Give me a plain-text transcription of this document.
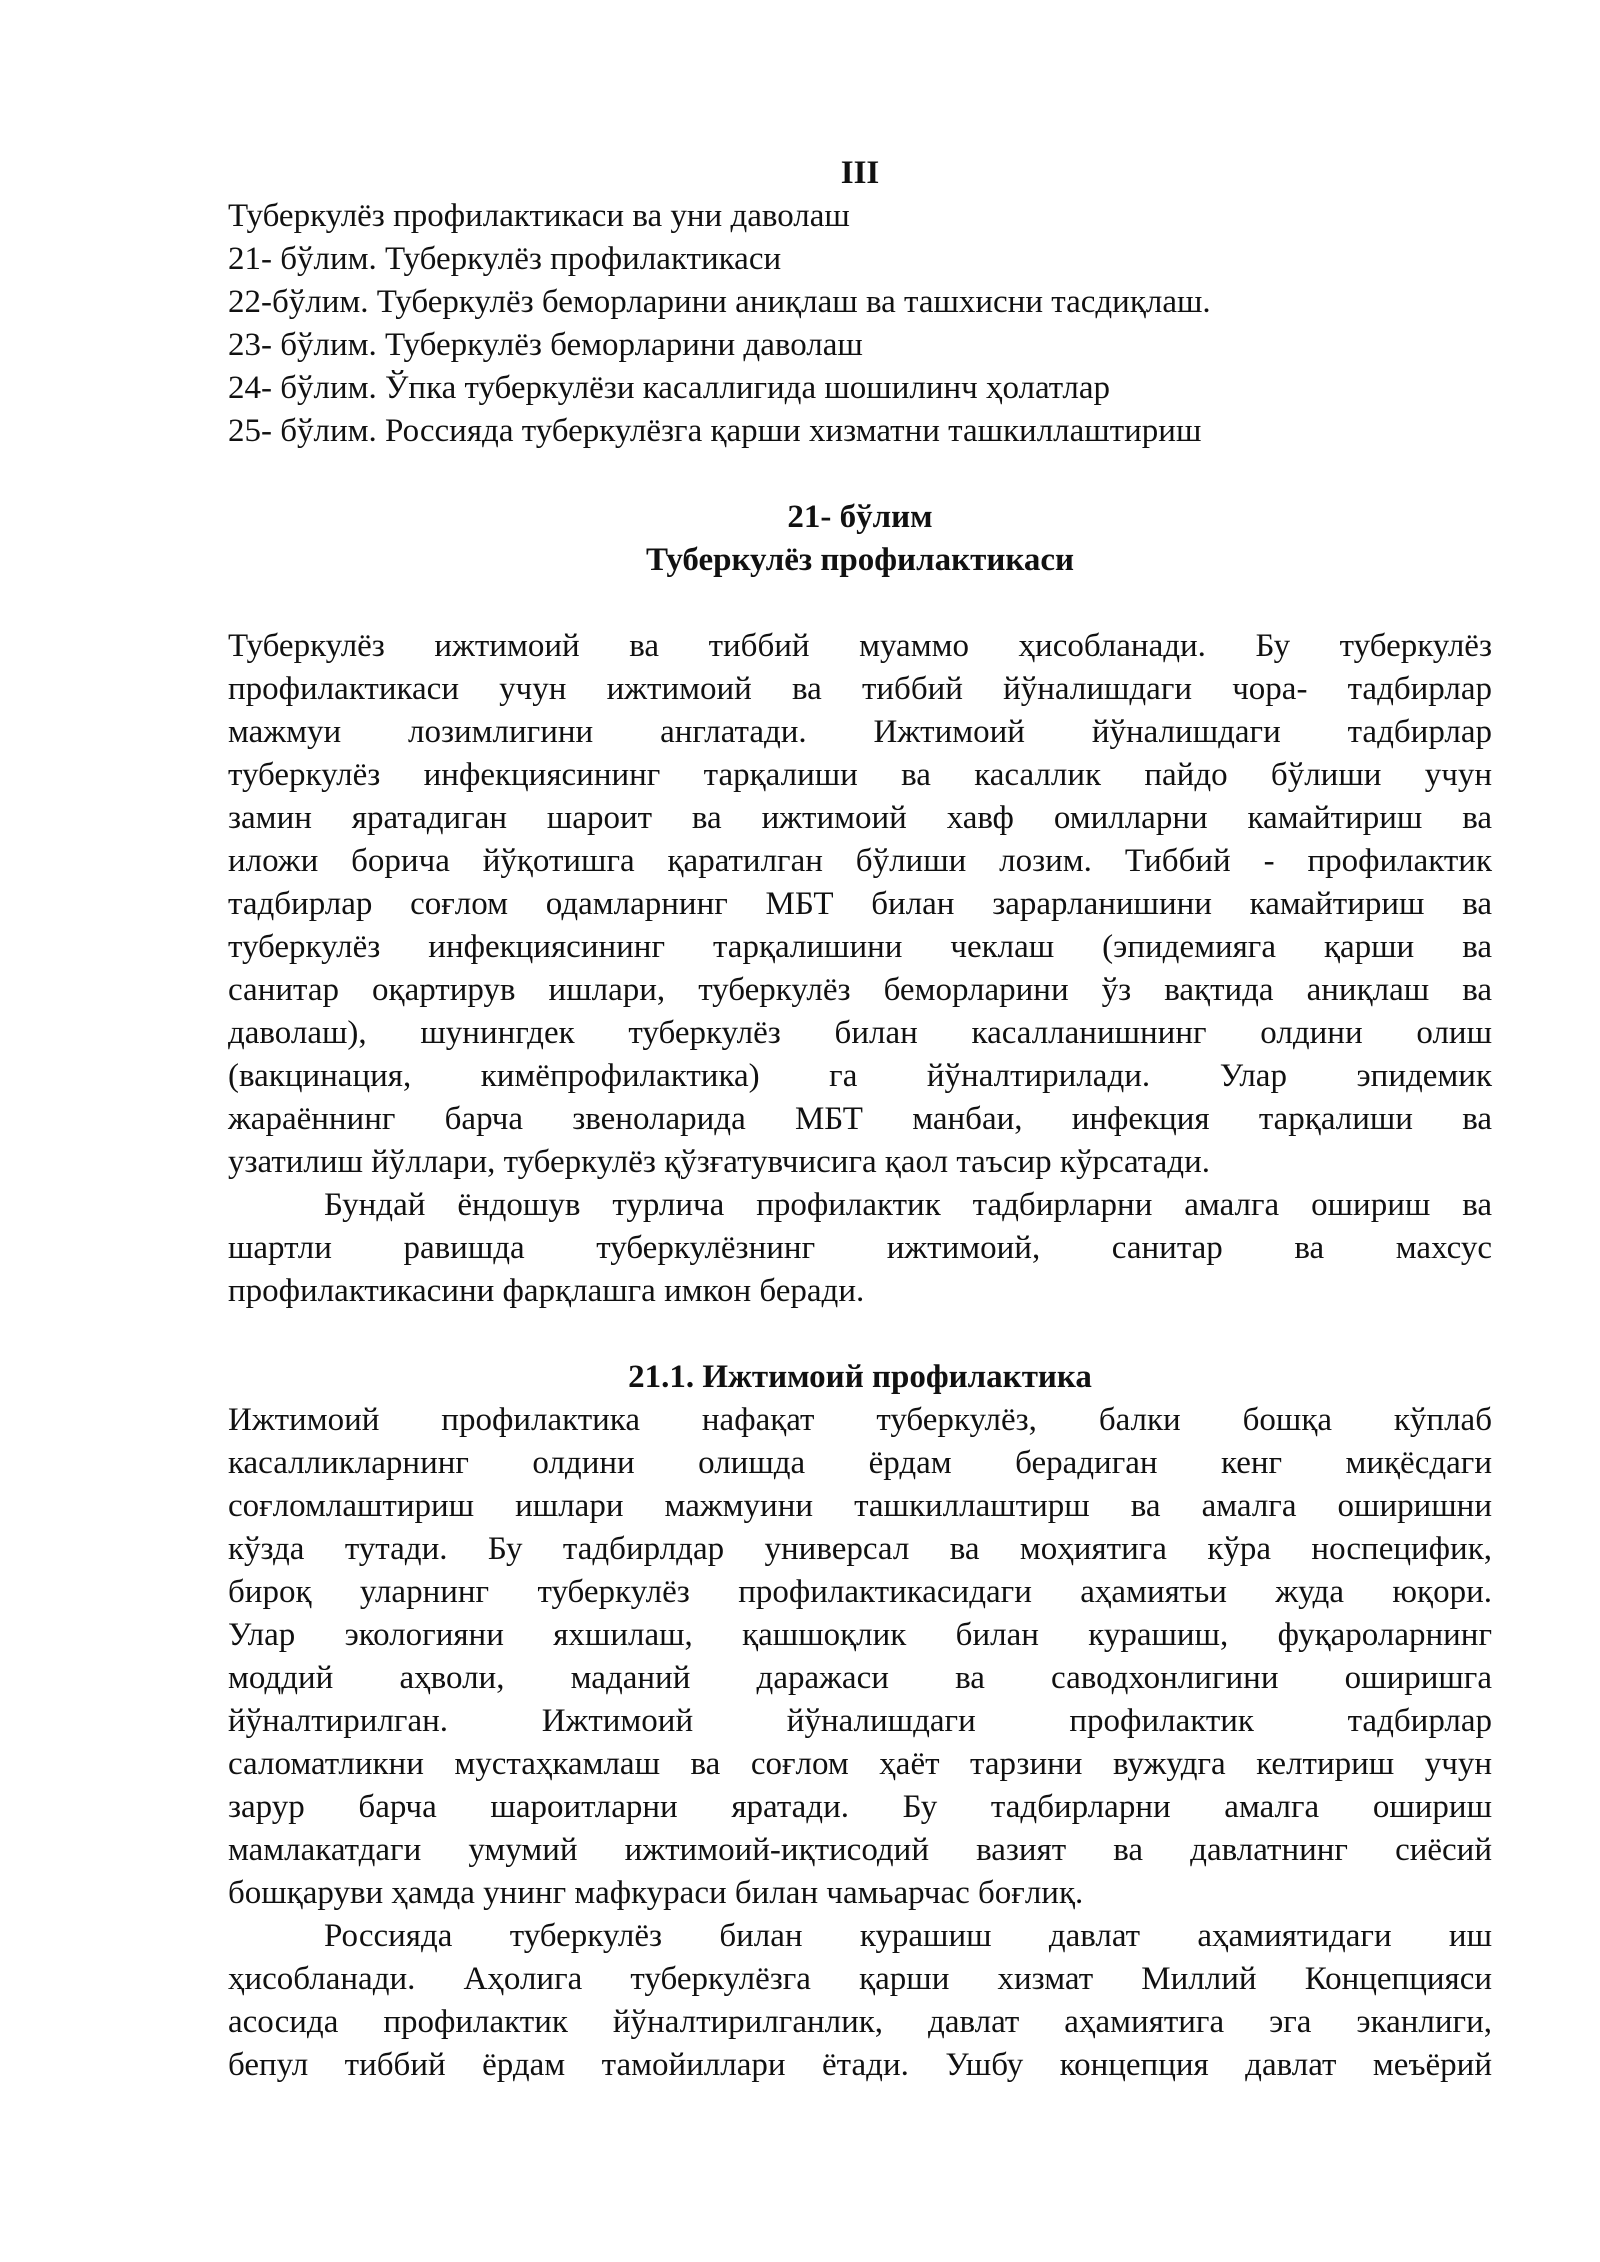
III
Туберкулёз профилактикаси ва уни даволаш
21- бўлим. Туберкулёз профилактикаси
22-бўлим. Туберкулёз беморларини аниқлаш ва ташхисни тасдиқлаш.
23- бўлим. Туберкулёз беморларини даволаш
24- бўлим. Ўпка туберкулёзи касаллигида шошилинч ҳолатлар
25- бўлим. Россияда туберкулёзга қарши хизматни ташкиллаштириш
21- бўлим
Туберкулёз профилактикаси
Туберкулёз ижтимоий ва тиббий муаммо ҳисобланади. Бу туберкулёз
профилактикаси учун ижтимоий ва тиббий йўналишдаги чора- тадбирлар
мажмуи лозимлигини англатади. Ижтимоий йўналишдаги тадбирлар
туберкулёз инфекциясининг тарқалиши ва касаллик пайдо бўлиши учун
замин яратадиган шароит ва ижтимоий хавф омилларни камайтириш ва
иложи борича йўқотишга қаратилган бўлиши лозим. Тиббий - профилактик
тадбирлар соғлом одамларнинг МБТ билан зарарланишини камайтириш ва
туберкулёз инфекциясининг тарқалишини чеклаш (эпидемияга қарши ва
санитар оқартирув ишлари, туберкулёз беморларини ўз вақтида аниқлаш ва
даволаш), шунингдек туберкулёз билан касалланишнинг олдини олиш
(вакцинация, кимёпрофилактика) га йўналтирилади. Улар эпидемик
жараённинг барча звеноларида МБТ манбаи, инфекция тарқалиши ва
узатилиш йўллари, туберкулёз қўзғатувчисига қаол таъсир кўрсатади.
Бундай ёндошув турлича профилактик тадбирларни амалга ошириш ва
шартли равишда туберкулёзнинг ижтимоий, санитар ва махсус
профилактикасини фарқлашга имкон беради.
21.1. Ижтимоий профилактика
Ижтимоий профилактика нафақат туберкулёз, балки бошқа кўплаб
касалликларнинг олдини олишда ёрдам берадиган кенг миқёсдаги
соғломлаштириш ишлари мажмуини ташкиллаштирш ва амалга оширишни
кўзда тутади. Бу тадбирлдар универсал ва моҳиятига кўра носпецифик,
бироқ уларнинг туберкулёз профилактикасидаги аҳамиятьи жуда юқори.
Улар экологияни яхшилаш, қашшоқлик билан курашиш, фуқароларнинг
моддий аҳволи, маданий даражаси ва саводхонлигини оширишга
йўналтирилган. Ижтимоий йўналишдаги профилактик тадбирлар
саломатликни мустаҳкамлаш ва соғлом ҳаёт тарзини вужудга келтириш учун
зарур барча шароитларни яратади. Бу тадбирларни амалга ошириш
мамлакатдаги умумий ижтимоий-иқтисодий вазият ва давлатнинг сиёсий
бошқаруви ҳамда унинг мафкураси билан чамьарчас боғлиқ.
Россияда туберкулёз билан курашиш давлат аҳамиятидаги иш
ҳисобланади. Аҳолига туберкулёзга қарши хизмат Миллий Концепцияси
асосида профилактик йўналтирилганлик, давлат аҳамиятига эга эканлиги,
бепул тиббий ёрдам тамойиллари ётади. Ушбу концепция давлат меъёрий
